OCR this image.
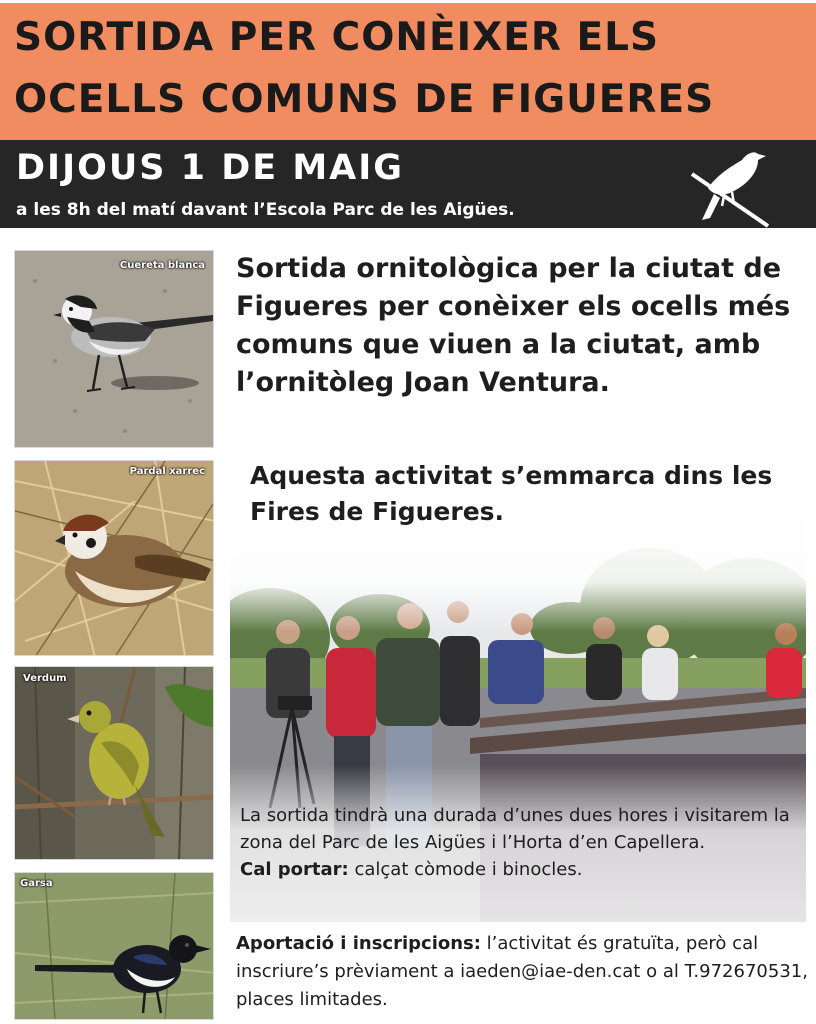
SORTIDA PER CONÈIXER ELS
OCELLS COMUNS DE FIGUERES
DIJOUS 1 DE MAIG
a les 8h del matí davant l’Escola Parc de les Aigües.
Cuereta blanca
Pardal xarrec
Verdum
Garsa
Sortida ornitològica per la ciutat de Figueres per conèixer els ocells més comuns que viuen a la ciutat, amb l’ornitòleg Joan Ventura.
Aquesta activitat s’emmarca dins les Fires de Figueres.
La sortida tindrà una durada d’unes dues hores i visitarem la zona del Parc de les Aigües i l’Horta d’en Capellera.
Cal portar: calçat còmode i binocles.
Aportació i inscripcions: l’activitat és gratuïta, però cal inscriure’s prèviament a iaeden@iae-den.cat o al T.972670531, places limitades.
